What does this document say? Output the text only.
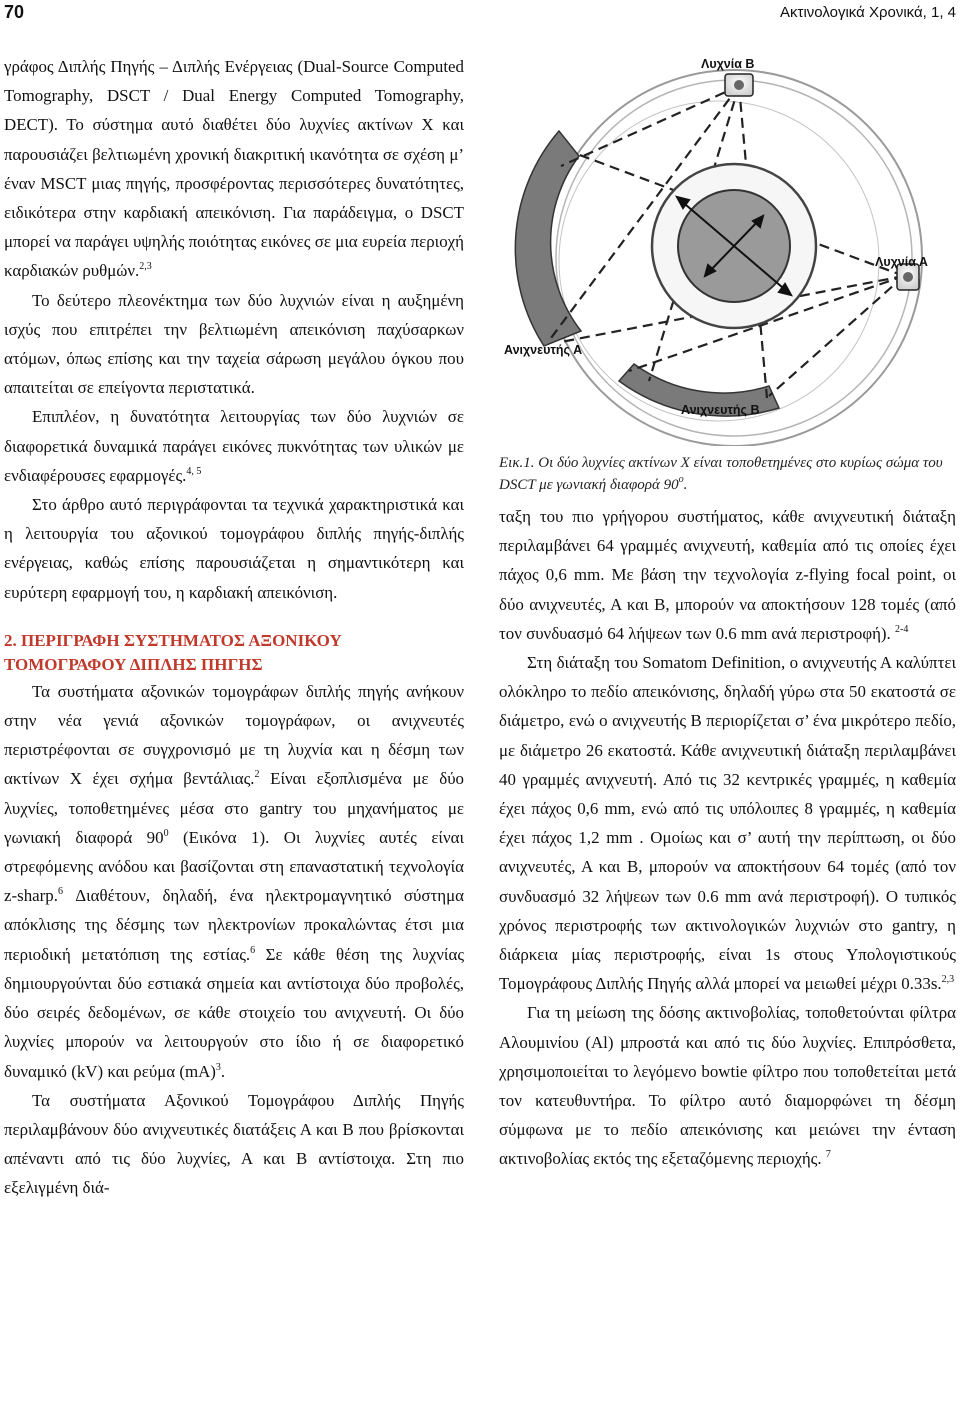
70	Ακτινολογικά Χρονικά, 1, 4

γράφος Διπλής Πηγής – Διπλής Ενέργειας (Dual-Source Computed Tomography, DSCT / Dual Energy Computed Tomography, DECT). Το σύστημα αυτό διαθέτει δύο λυχνίες ακτίνων Χ και παρουσιάζει βελτιωμένη χρονική διακριτική ικανότητα σε σχέση μ’ έναν MSCT μιας πηγής, προσφέροντας περισσότερες δυνατότητες, ειδικότερα στην καρδιακή απεικόνιση. Για παράδειγμα, ο DSCT μπορεί να παράγει υψηλής ποιότητας εικόνες σε μια ευρεία περιοχή καρδιακών ρυθμών.$^{2,3}$

Το δεύτερο πλεονέκτημα των δύο λυχνιών είναι η αυξημένη ισχύς που επιτρέπει την βελτιωμένη απεικόνιση παχύσαρκων ατόμων, όπως επίσης και την ταχεία σάρωση μεγάλου όγκου που απαιτείται σε επείγοντα περιστατικά.

Επιπλέον, η δυνατότητα λειτουργίας των δύο λυχνιών σε διαφορετικά δυναμικά παράγει εικόνες πυκνότητας των υλικών με ενδιαφέρουσες εφαρμογές.$^{4, 5}$

Στο άρθρο αυτό περιγράφονται τα τεχνικά χαρακτηριστικά και η λειτουργία του αξονικού τομογράφου διπλής πηγής-διπλής ενέργειας, καθώς επίσης παρουσιάζεται η σημαντικότερη και ευρύτερη εφαρμογή του, η καρδιακή απεικόνιση.

2. ΠΕΡΙΓΡΑΦΗ ΣΥΣΤΗΜΑΤΟΣ ΑΞΟΝΙΚΟΥ ΤΟΜΟΓΡΑΦΟΥ ΔΙΠΛΗΣ ΠΗΓΗΣ

Τα συστήματα αξονικών τομογράφων διπλής πηγής ανήκουν στην νέα γενιά αξονικών τομογράφων, οι ανιχνευτές περιστρέφονται σε συγχρονισμό με τη λυχνία και η δέσμη των ακτίνων Χ έχει σχήμα βεντάλιας.$^2$ Είναι εξοπλισμένα με δύο λυχνίες, τοποθετημένες μέσα στο gantry του μηχανήματος με γωνιακή διαφορά $90^0$ (Εικόνα 1). Οι λυχνίες αυτές είναι στρεφόμενης ανόδου και βασίζονται στη επαναστατική τεχνολογία z-sharp.$^6$ Διαθέτουν, δηλαδή, ένα ηλεκτρομαγνητικό σύστημα απόκλισης της δέσμης των ηλεκτρονίων προκαλώντας έτσι μια περιοδική μετατόπιση της εστίας.$^6$ Σε κάθε θέση της λυχνίας δημιουργούνται δύο εστιακά σημεία και αντίστοιχα δύο προβολές, δύο σειρές δεδομένων, σε κάθε στοιχείο του ανιχνευτή. Οι δύο λυχνίες μπορούν να λειτουργούν στο ίδιο ή σε διαφορετικό δυναμικό (kV) και ρεύμα (mA)$^3$.

Τα συστήματα Αξονικού Τομογράφου Διπλής Πηγής περιλαμβάνουν δύο ανιχνευτικές διατάξεις Α και Β που βρίσκονται απέναντι από τις δύο λυχνίες, Α και Β αντίστοιχα. Στη πιο εξελιγμένη διά-

Λυχνία Β
Λυχνία Α
Ανιχνευτής Α
Ανιχνευτής Β
Εικ.1. Οι δύο λυχνίες ακτίνων Χ είναι τοποθετημένες στο κυρίως σώμα του DSCT με γωνιακή διαφορά $90^o$.

ταξη του πιο γρήγορου συστήματος, κάθε ανιχνευτική διάταξη περιλαμβάνει 64 γραμμές ανιχνευτή, καθεμία από τις οποίες έχει πάχος 0,6 mm. Με βάση την τεχνολογία z-flying focal point, οι δύο ανιχνευτές, Α και Β, μπορούν να αποκτήσουν 128 τομές (από τον συνδυασμό 64 λήψεων των 0.6 mm ανά περιστροφή). $^{2-4}$

Στη διάταξη του Somatom Definition, ο ανιχνευτής Α καλύπτει ολόκληρο το πεδίο απεικόνισης, δηλαδή γύρω στα 50 εκατοστά σε διάμετρο, ενώ ο ανιχνευτής Β περιορίζεται σ’ ένα μικρότερο πεδίο, με διάμετρο 26 εκατοστά. Κάθε ανιχνευτική διάταξη περιλαμβάνει 40 γραμμές ανιχνευτή. Από τις 32 κεντρικές γραμμές, η καθεμία έχει πάχος 0,6 mm, ενώ από τις υπόλοιπες 8 γραμμές, η καθεμία έχει πάχος 1,2 mm . Ομοίως και σ’ αυτή την περίπτωση, οι δύο ανιχνευτές, Α και Β, μπορούν να αποκτήσουν 64 τομές (από τον συνδυασμό 32 λήψεων των 0.6 mm ανά περιστροφή). Ο τυπικός χρόνος περιστροφής των ακτινολογικών λυχνιών στο gantry, η διάρκεια μίας περιστροφής, είναι 1s στους Υπολογιστικούς Τομογράφους Διπλής Πηγής αλλά μπορεί να μειωθεί μέχρι 0.33s.$^{2,3}$

Για τη μείωση της δόσης ακτινοβολίας, τοποθετούνται φίλτρα Αλουμινίου (Al) μπροστά και από τις δύο λυχνίες. Επιπρόσθετα, χρησιμοποιείται το λεγόμενο bowtie φίλτρο που τοποθετείται μετά τον κατευθυντήρα. Το φίλτρο αυτό διαμορφώνει τη δέσμη σύμφωνα με το πεδίο απεικόνισης και μειώνει την ένταση ακτινοβολίας εκτός της εξεταζόμενης περιοχής. $^7$
